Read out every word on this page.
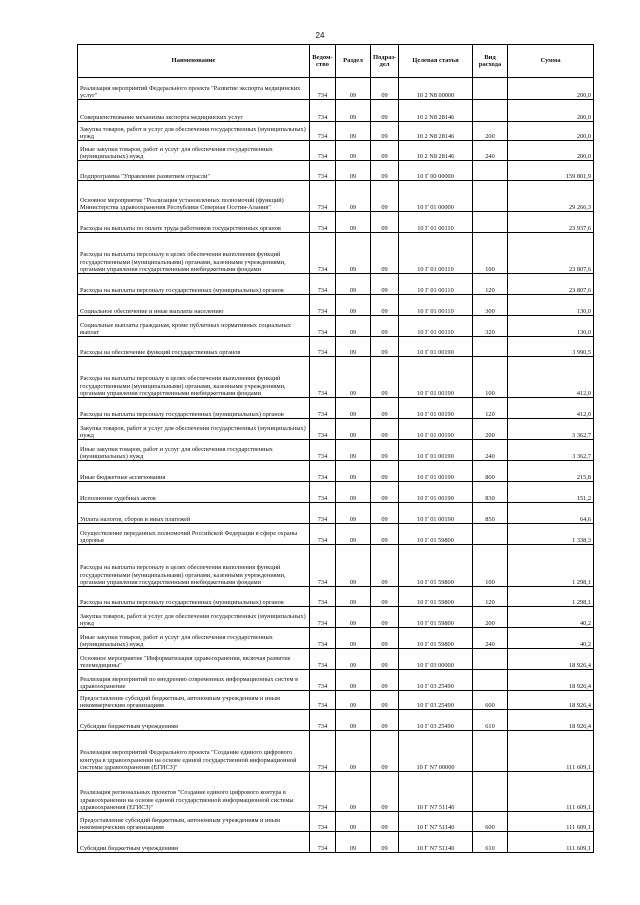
24
Наименование	Ведом-ство	Раздел	Подраз-дел	Целевая статья	Вид расхода	Сумма
Реализация мероприятий Федерального проекта "Развитие экспорта медицинских услуг"	734	09	09	10 2 N8 00000		200,0
Совершенствование механизма экспорта медицинских услуг	734	09	09	10 2 N8 28146		200,0
Закупка товаров, работ и услуг для обеспечения государственных (муниципальных) нужд	734	09	09	10 2 N8 28146	200	200,0
Иные закупки товаров, работ и услуг для обеспечения государственных (муниципальных) нужд	734	09	09	10 2 N8 28146	240	200,0
Подпрограмма "Управление развитием отрасли"	734	09	09	10 Г 00 00000		159 801,9
Основное мероприятие "Реализация установленных полномочий (функций) Министерства здравоохранения Республики Северная Осетия-Алания"	734	09	09	10 Г 01 00000		29 266,3
Расходы на выплаты по оплате труда работников государственных органов	734	09	09	10 Г 01 00110		23 937,6
Расходы на выплаты персоналу в целях обеспечения выполнения функций государственными (муниципальными) органами, казенными учреждениями, органами управления государственными внебюджетными фондами	734	09	09	10 Г 01 00110	100	23 807,6
Расходы на выплаты персоналу государственных (муниципальных) органов	734	09	09	10 Г 01 00110	120	23 807,6
Социальное обеспечение и иные выплаты населению	734	09	09	10 Г 01 00110	300	130,0
Социальные выплаты гражданам, кроме публичных нормативных социальных выплат	734	09	09	10 Г 01 00110	320	130,0
Расходы на обеспечение функций государственных органов	734	09	09	10 Г 01 00190		3 990,5
Расходы на выплаты персоналу в целях обеспечения выполнения функций государственными (муниципальными) органами, казенными учреждениями, органами управления государственными внебюджетными фондами	734	09	09	10 Г 01 00190	100	412,0
Расходы на выплаты персоналу государственных (муниципальных) органов	734	09	09	10 Г 01 00190	120	412,0
Закупка товаров, работ и услуг для обеспечения государственных (муниципальных) нужд	734	09	09	10 Г 01 00190	200	3 362,7
Иные закупки товаров, работ и услуг для обеспечения государственных (муниципальных) нужд	734	09	09	10 Г 01 00190	240	3 362,7
Иные бюджетные ассигнования	734	09	09	10 Г 01 00190	800	215,8
Исполнение судебных актов	734	09	09	10 Г 01 00190	830	151,2
Уплата налогов, сборов и иных платежей	734	09	09	10 Г 01 00190	850	64,6
Осуществление переданных полномочий Российской Федерации в сфере охраны здоровья	734	09	09	10 Г 01 59800		1 338,3
Расходы на выплаты персоналу в целях обеспечения выполнения функций государственными (муниципальными) органами, казенными учреждениями, органами управления государственными внебюджетными фондами	734	09	09	10 Г 01 59800	100	1 298,1
Расходы на выплаты персоналу государственных (муниципальных) органов	734	09	09	10 Г 01 59800	120	1 298,1
Закупка товаров, работ и услуг для обеспечения государственных (муниципальных) нужд	734	09	09	10 Г 01 59800	200	40,2
Иные закупки товаров, работ и услуг для обеспечения государственных (муниципальных) нужд	734	09	09	10 Г 01 59800	240	40,2
Основное мероприятие "Информатизация здравоохранения, включая развитие телемедицины"	734	09	09	10 Г 03 00000		18 926,4
Реализация мероприятий по внедрению современных информационных систем в здравоохранение	734	09	09	10 Г 03 25490		18 926,4
Предоставление субсидий бюджетным, автономным учреждениям и иным некоммерческим организациям	734	09	09	10 Г 03 25490	600	18 926,4
Субсидии бюджетным учреждениям	734	09	09	10 Г 03 25490	610	18 926,4
Реализация мероприятий Федерального проекта "Создание единого цифрового контура в здравоохранении на основе единой государственной информационной системы здравоохранения (ЕГИСЗ)"	734	09	09	10 Г N7 00000		111 609,1
Реализация региональных проектов "Создание единого цифрового контура в здравоохранении на основе единой государственной информационной системы здравоохранения (ЕГИСЗ)"	734	09	09	10 Г N7 51140		111 609,1
Предоставление субсидий бюджетным, автономным учреждениям и иным некоммерческим организациям	734	09	09	10 Г N7 51140	600	111 609,1
Субсидии бюджетным учреждениям	734	09	09	10 Г N7 51140	610	111 609,1
